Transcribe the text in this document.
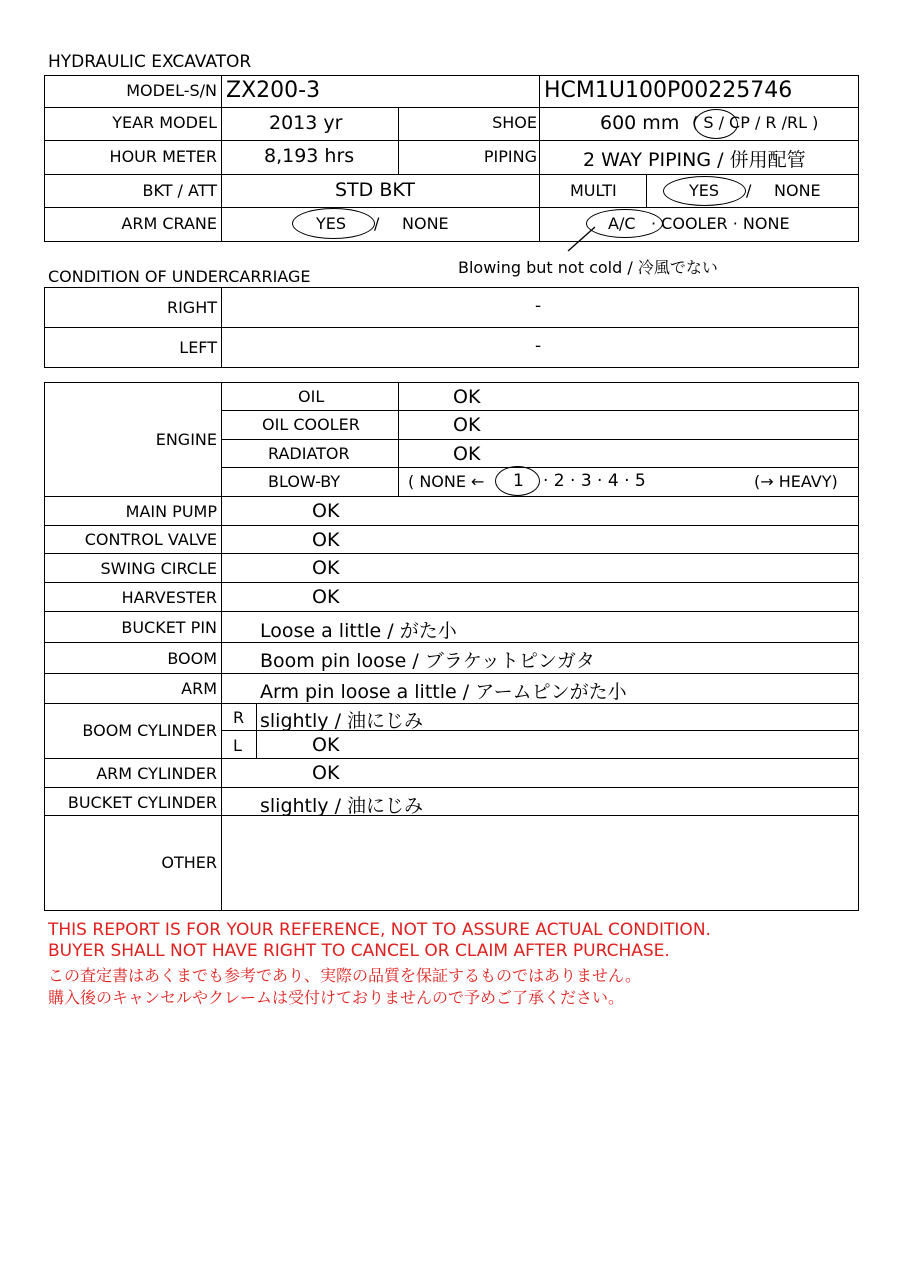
HYDRAULIC EXCAVATOR
MODEL-S/N ZX200-3	HCM1U100P00225746
YEAR MODEL	2013 yr	SHOE	600 mm ( S / CP / R /RL )
HOUR METER 8,193 hrs	PIPING 2 WAY PIPING / 併用配管
BKT / ATT	STD BKT	MULTI	YES / NONE
ARM CRANE	YES / NONE	A/C · COOLER · NONE
Blowing but not cold / 冷風でない
CONDITION OF UNDERCARRIAGE
RIGHT	-
LEFT	-
ENGINE
OIL	OK
OIL COOLER	OK
RADIATOR	OK
BLOW-BY	( NONE ← 1 · 2 · 3 · 4 · 5	(→ HEAVY)
MAIN PUMP	OK
CONTROL VALVE	OK
SWING CIRCLE	OK
HARVESTER	OK
BUCKET PIN Loose a little / がた小
BOOM Boom pin loose / ブラケットピンガタ
ARM Arm pin loose a little / アームピンがた小
BOOM CYLINDER
R slightly / 油にじみ
L	OK
ARM CYLINDER	OK
BUCKET CYLINDER slightly / 油にじみ
OTHER
THIS REPORT IS FOR YOUR REFERENCE, NOT TO ASSURE ACTUAL CONDITION.
BUYER SHALL NOT HAVE RIGHT TO CANCEL OR CLAIM AFTER PURCHASE.
この査定書はあくまでも参考であり、実際の品質を保証するものではありません。
購入後のキャンセルやクレームは受付けておりませんので予めご了承ください。
